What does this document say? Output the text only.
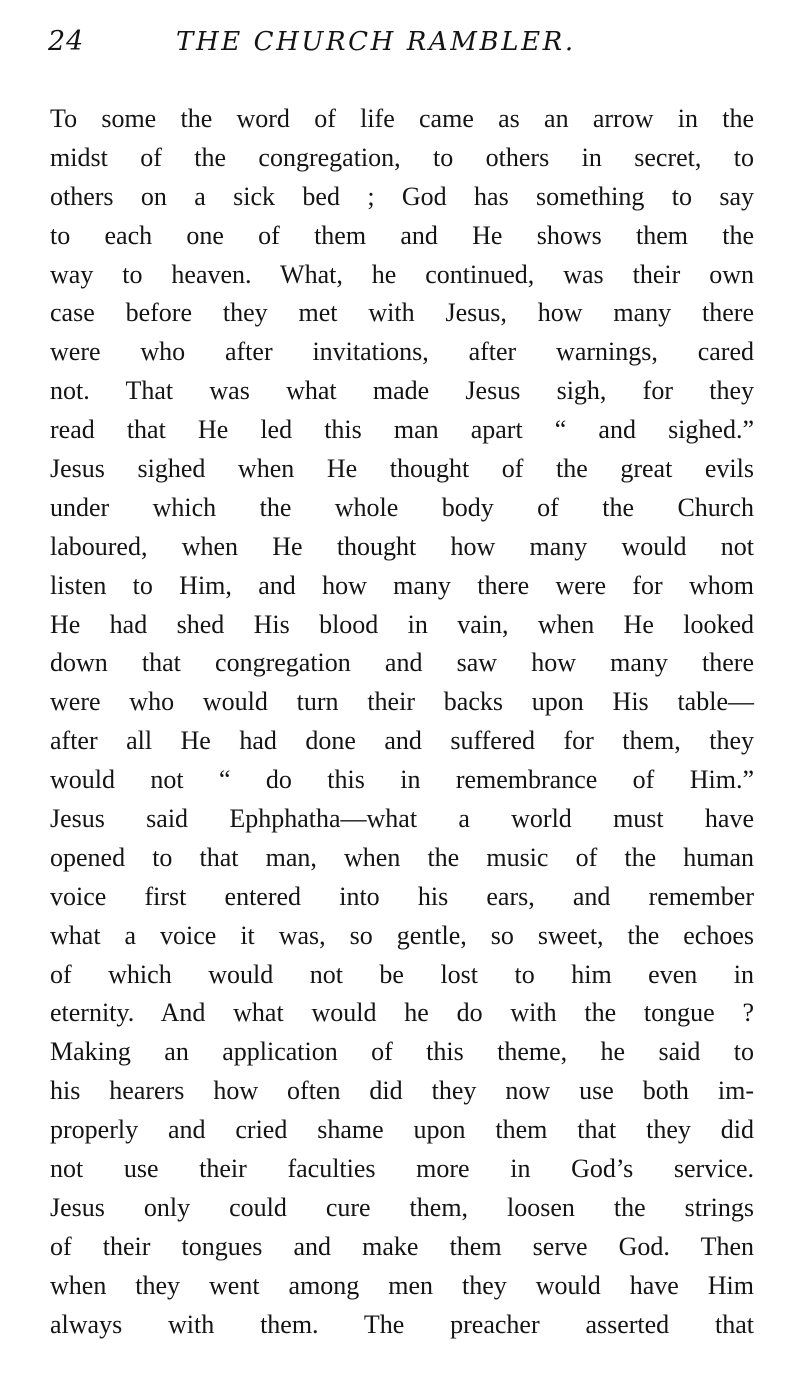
24	THE CHURCH RAMBLER.
To some the word of life came as an arrow in the
midst of the congregation, to others in secret, to
others on a sick bed ; God has something to say
to each one of them and He shows them the
way to heaven. What, he continued, was their own
case before they met with Jesus, how many there
were who after invitations, after warnings, cared
not. That was what made Jesus sigh, for they
read that He led this man apart “ and sighed.”
Jesus sighed when He thought of the great evils
under which the whole body of the Church
laboured, when He thought how many would not
listen to Him, and how many there were for whom
He had shed His blood in vain, when He looked
down that congregation and saw how many there
were who would turn their backs upon His table—
after all He had done and suffered for them, they
would not “ do this in remembrance of Him.”
Jesus said Ephphatha—what a world must have
opened to that man, when the music of the human
voice first entered into his ears, and remember
what a voice it was, so gentle, so sweet, the echoes
of which would not be lost to him even in
eternity. And what would he do with the tongue ?
Making an application of this theme, he said to
his hearers how often did they now use both im-
properly and cried shame upon them that they did
not use their faculties more in God’s service.
Jesus only could cure them, loosen the strings
of their tongues and make them serve God. Then
when they went among men they would have Him
always with them. The preacher asserted that
